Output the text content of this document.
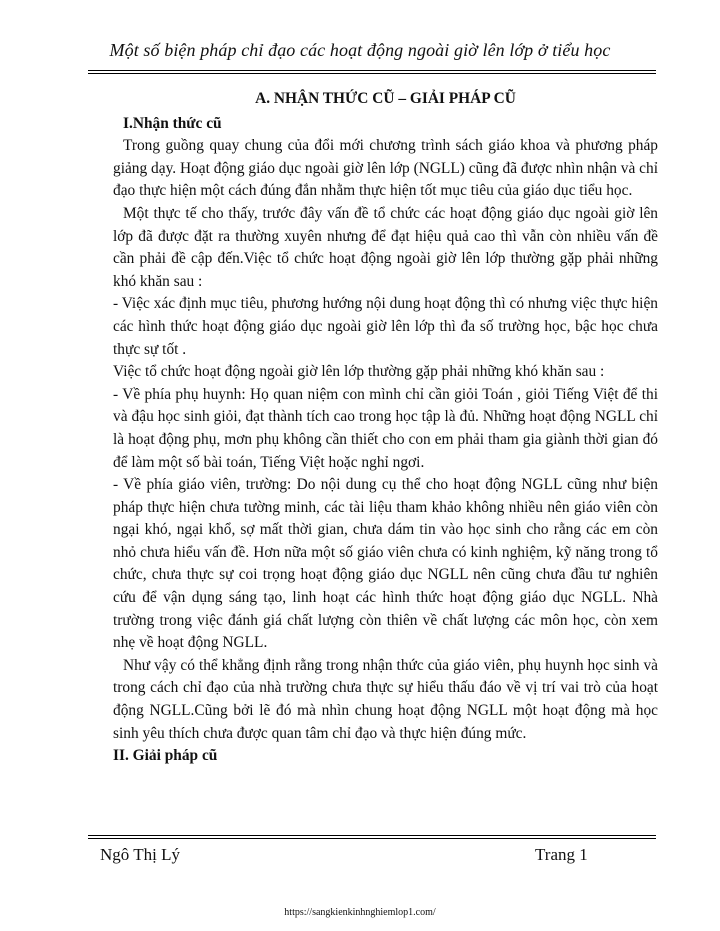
Một số biện pháp chỉ đạo các hoạt động ngoài giờ lên lớp ở tiểu học

A. NHẬN THỨC CŨ – GIẢI PHÁP CŨ

I.Nhận thức cũ

Trong guồng quay chung của đổi mới chương trình sách giáo khoa và phương pháp giảng dạy. Hoạt động giáo dục ngoài giờ lên lớp (NGLL) cũng đã được nhìn nhận và chỉ đạo thực hiện một cách đúng đắn nhằm thực hiện tốt mục tiêu của giáo dục tiểu học.

Một thực tế cho thấy, trước đây vấn đề tổ chức các hoạt động giáo dục ngoài giờ lên lớp đã được đặt ra thường xuyên nhưng để đạt hiệu quả cao thì vẫn còn nhiều vấn đề cần phải đề cập đến.Việc tổ chức hoạt động ngoài giờ lên lớp thường gặp phải những khó khăn sau :

- Việc xác định mục tiêu, phương hướng nội dung hoạt động thì có nhưng việc thực hiện các hình thức hoạt động giáo dục ngoài giờ lên lớp thì đa số trường học, bậc học chưa thực sự tốt .

Việc tổ chức hoạt động ngoài giờ lên lớp thường gặp phải những khó khăn sau :

- Về phía phụ huynh: Họ quan niệm con mình chỉ cần giỏi Toán , giỏi Tiếng Việt để thi và đậu học sinh giỏi, đạt thành tích cao trong học tập là đủ. Những hoạt động NGLL chỉ là hoạt động phụ, mơn phụ không cần thiết cho con em phải tham gia giành thời gian đó để làm một số bài toán, Tiếng Việt hoặc nghỉ ngơi.

- Về phía giáo viên, trường: Do nội dung cụ thể cho hoạt động NGLL cũng như biện pháp thực hiện chưa tường minh, các tài liệu tham khảo không nhiều nên giáo viên còn ngại khó, ngại khổ, sợ mất thời gian, chưa dám tin vào học sinh cho rằng các em còn nhỏ chưa hiểu vấn đề. Hơn nữa một số giáo viên chưa có kinh nghiệm, kỹ năng trong tổ chức, chưa thực sự coi trọng hoạt động giáo dục NGLL nên cũng chưa đầu tư nghiên cứu để vận dụng sáng tạo, linh hoạt các hình thức hoạt động giáo dục NGLL. Nhà trường trong việc đánh giá chất lượng còn thiên về chất lượng các môn học, còn xem nhẹ về hoạt động NGLL.

Như vậy có thể khẳng định rằng trong nhận thức của giáo viên, phụ huynh học sinh và trong cách chỉ đạo của nhà trường chưa thực sự hiểu thấu đáo về vị trí vai trò của hoạt động NGLL.Cũng bởi lẽ đó mà nhìn chung hoạt động NGLL một hoạt động mà học sinh yêu thích chưa được quan tâm chỉ đạo và thực hiện đúng mức.

II. Giải pháp cũ

Ngô Thị Lý	Trang 1
https://sangkienkinhnghiemlop1.com/
